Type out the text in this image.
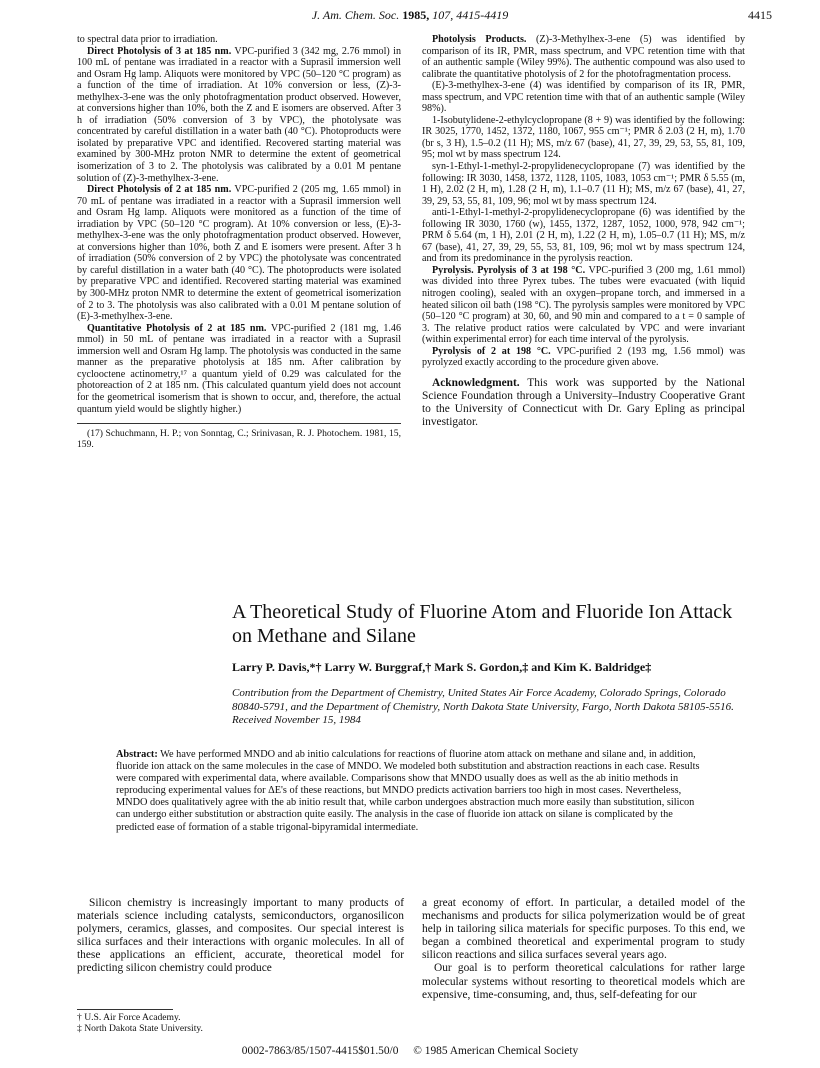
J. Am. Chem. Soc. 1985, 107, 4415-4419	4415

to spectral data prior to irradiation.

Direct Photolysis of 3 at 185 nm. VPC-purified 3 (342 mg, 2.76 mmol) in 100 mL of pentane was irradiated in a reactor with a Suprasil immersion well and Osram Hg lamp. Aliquots were monitored by VPC (50–120 °C program) as a function of the time of irradiation. At 10% conversion or less, (Z)-3-methylhex-3-ene was the only photofragmentation product observed. However, at conversions higher than 10%, both the Z and E isomers are observed. After 3 h of irradiation (50% conversion of 3 by VPC), the photolysate was concentrated by careful distillation in a water bath (40 °C). Photoproducts were isolated by preparative VPC and identified. Recovered starting material was examined by 300-MHz proton NMR to determine the extent of geometrical isomerization of 3 to 2. The photolysis was calibrated by a 0.01 M pentane solution of (Z)-3-methylhex-3-ene.

Direct Photolysis of 2 at 185 nm. VPC-purified 2 (205 mg, 1.65 mmol) in 70 mL of pentane was irradiated in a reactor with a Suprasil immersion well and Osram Hg lamp. Aliquots were monitored as a function of the time of irradiation by VPC (50–120 °C program). At 10% conversion or less, (E)-3-methylhex-3-ene was the only photofragmentation product observed. However, at conversions higher than 10%, both Z and E isomers were present. After 3 h of irradiation (50% conversion of 2 by VPC) the photolysate was concentrated by careful distillation in a water bath (40 °C). The photoproducts were isolated by preparative VPC and identified. Recovered starting material was examined by 300-MHz proton NMR to determine the extent of geometrical isomerization of 2 to 3. The photolysis was also calibrated with a 0.01 M pentane solution of (E)-3-methylhex-3-ene.

Quantitative Photolysis of 2 at 185 nm. VPC-purified 2 (181 mg, 1.46 mmol) in 50 mL of pentane was irradiated in a reactor with a Suprasil immersion well and Osram Hg lamp. The photolysis was conducted in the same manner as the preparative photolysis at 185 nm. After calibration by cyclooctene actinometry,¹⁷ a quantum yield of 0.29 was calculated for the photoreaction of 2 at 185 nm. (This calculated quantum yield does not account for the geometrical isomerism that is shown to occur, and, therefore, the actual quantum yield would be slightly higher.)

(17) Schuchmann, H. P.; von Sonntag, C.; Srinivasan, R. J. Photochem. 1981, 15, 159.

Photolysis Products. (Z)-3-Methylhex-3-ene (5) was identified by comparison of its IR, PMR, mass spectrum, and VPC retention time with that of an authentic sample (Wiley 99%). The authentic compound was also used to calibrate the quantitative photolysis of 2 for the photofragmentation process.

(E)-3-methylhex-3-ene (4) was identified by comparison of its IR, PMR, mass spectrum, and VPC retention time with that of an authentic sample (Wiley 98%).

1-Isobutylidene-2-ethylcyclopropane (8 + 9) was identified by the following: IR 3025, 1770, 1452, 1372, 1180, 1067, 955 cm⁻¹; PMR δ 2.03 (2 H, m), 1.70 (br s, 3 H), 1.5–0.2 (11 H); MS, m/z 67 (base), 41, 27, 39, 29, 53, 55, 81, 109, 95; mol wt by mass spectrum 124.

syn-1-Ethyl-1-methyl-2-propylidenecyclopropane (7) was identified by the following: IR 3030, 1458, 1372, 1128, 1105, 1083, 1053 cm⁻¹; PMR δ 5.55 (m, 1 H), 2.02 (2 H, m), 1.28 (2 H, m), 1.1–0.7 (11 H); MS, m/z 67 (base), 41, 27, 39, 29, 53, 55, 81, 109, 96; mol wt by mass spectrum 124.

anti-1-Ethyl-1-methyl-2-propylidenecyclopropane (6) was identified by the following IR 3030, 1760 (w), 1455, 1372, 1287, 1052, 1000, 978, 942 cm⁻¹; PRM δ 5.64 (m, 1 H), 2.01 (2 H, m), 1.22 (2 H, m), 1.05–0.7 (11 H); MS, m/z 67 (base), 41, 27, 39, 29, 55, 53, 81, 109, 96; mol wt by mass spectrum 124, and from its predominance in the pyrolysis reaction.

Pyrolysis. Pyrolysis of 3 at 198 °C. VPC-purified 3 (200 mg, 1.61 mmol) was divided into three Pyrex tubes. The tubes were evacuated (with liquid nitrogen cooling), sealed with an oxygen–propane torch, and immersed in a heated silicon oil bath (198 °C). The pyrolysis samples were monitored by VPC (50–120 °C program) at 30, 60, and 90 min and compared to a t = 0 sample of 3. The relative product ratios were calculated by VPC and were invariant (within experimental error) for each time interval of the pyrolysis.

Pyrolysis of 2 at 198 °C. VPC-purified 2 (193 mg, 1.56 mmol) was pyrolyzed exactly according to the procedure given above.

Acknowledgment. This work was supported by the National Science Foundation through a University–Industry Cooperative Grant to the University of Connecticut with Dr. Gary Epling as principal investigator.
A Theoretical Study of Fluorine Atom and Fluoride Ion Attack on Methane and Silane
Larry P. Davis,*† Larry W. Burggraf,† Mark S. Gordon,‡ and Kim K. Baldridge‡
Contribution from the Department of Chemistry, United States Air Force Academy, Colorado Springs, Colorado 80840-5791, and the Department of Chemistry, North Dakota State University, Fargo, North Dakota 58105-5516. Received November 15, 1984
Abstract: We have performed MNDO and ab initio calculations for reactions of fluorine atom attack on methane and silane and, in addition, fluoride ion attack on the same molecules in the case of MNDO. We modeled both substitution and abstraction reactions in each case. Results were compared with experimental data, where available. Comparisons show that MNDO usually does as well as the ab initio methods in reproducing experimental values for ΔE's of these reactions, but MNDO predicts activation barriers too high in most cases. Nevertheless, MNDO does qualitatively agree with the ab initio result that, while carbon undergoes abstraction much more easily than substitution, silicon can undergo either substitution or abstraction quite easily. The analysis in the case of fluoride ion attack on silane is complicated by the predicted ease of formation of a stable trigonal-bipyramidal intermediate.

Silicon chemistry is increasingly important to many products of materials science including catalysts, semiconductors, organosilicon polymers, ceramics, glasses, and composites. Our special interest is silica surfaces and their interactions with organic molecules. In all of these applications an efficient, accurate, theoretical model for predicting silicon chemistry could produce

a great economy of effort. In particular, a detailed model of the mechanisms and products for silica polymerization would be of great help in tailoring silica materials for specific purposes. To this end, we began a combined theoretical and experimental program to study silicon reactions and silica surfaces several years ago.

Our goal is to perform theoretical calculations for rather large molecular systems without resorting to theoretical models which are expensive, time-consuming, and, thus, self-defeating for our

† U.S. Air Force Academy.
‡ North Dakota State University.
0002-7863/85/1507-4415$01.50/0 © 1985 American Chemical Society
